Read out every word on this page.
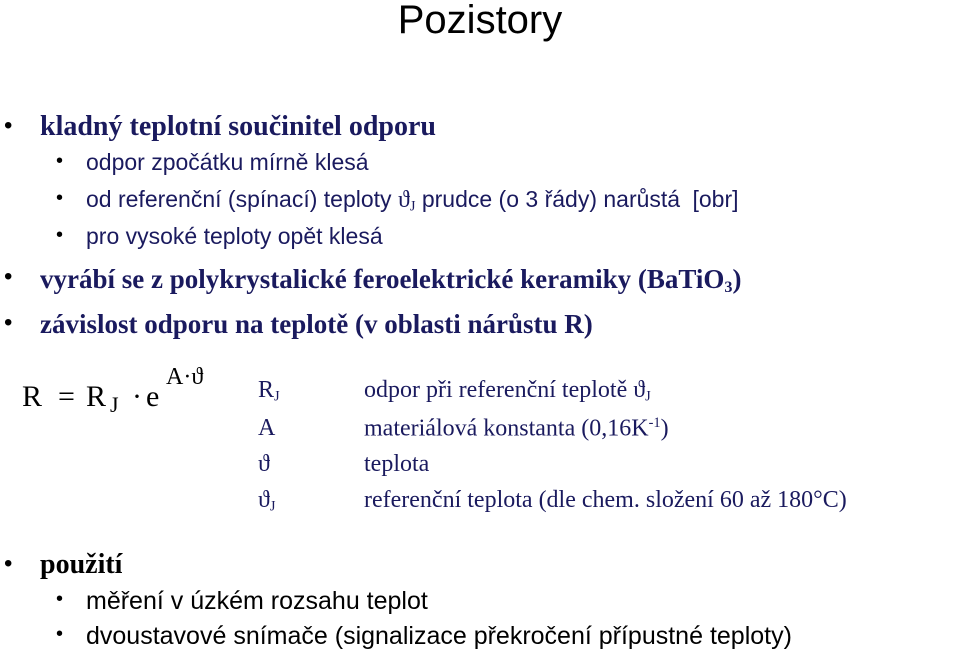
Pozistory
• kladný teplotní součinitel odporu
• odpor zpočátku mírně klesá
• od referenční (spínací) teploty $ϑ_J$ prudce (o 3 řády) narůstá [obr]
• pro vysoké teploty opět klesá
• vyrábí se z polykrystalické feroelektrické keramiky (BaTiO$_3$)
• závislost odporu na teplotě (v oblasti nárůstu R)
R = R J · e
A·ϑ $R_J$	odpor při referenční teplotě $ϑ_J$
A	materiálová konstanta $(0,16K^{-1})$
ϑ	teplota
$ϑ_J$	referenční teplota (dle chem. složení 60 až 180°C)
• použití
• měření v úzkém rozsahu teplot
• dvoustavové snímače (signalizace překročení přípustné teploty)
